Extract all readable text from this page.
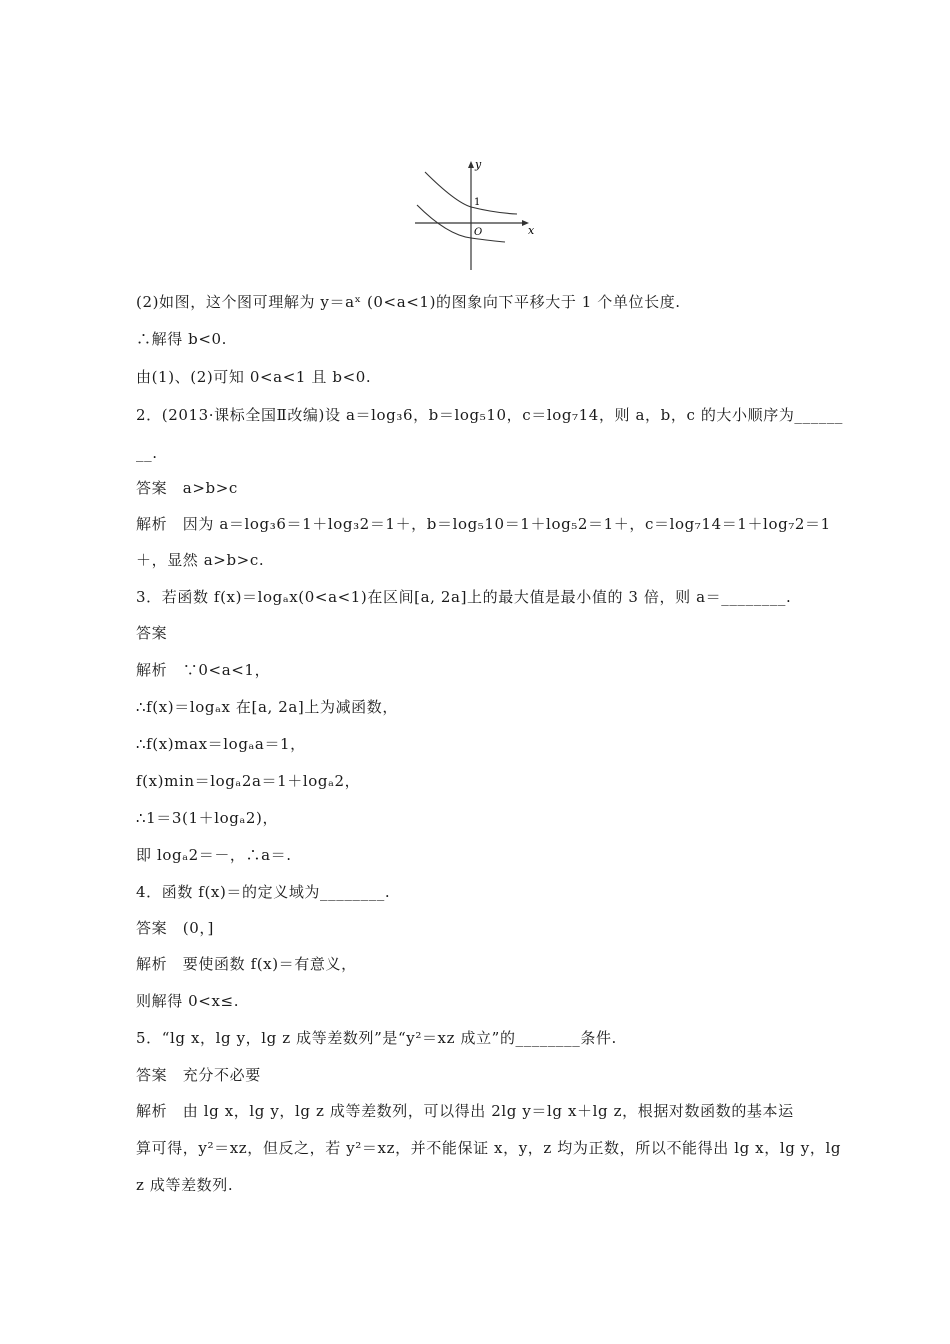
y
x
1
O
(2)如图，这个图可理解为 y＝aˣ (0<a<1)的图象向下平移大于 1 个单位长度.
∴解得 b<0.
由(1)、(2)可知 0<a<1 且 b<0.
2．(2013·课标全国Ⅱ改编)设 a＝log₃6，b＝log₅10，c＝log₇14，则 a，b，c 的大小顺序为______
__.
答案　a>b>c
解析　因为 a＝log₃6＝1＋log₃2＝1＋，b＝log₅10＝1＋log₅2＝1＋，c＝log₇14＝1＋log₇2＝1
＋，显然 a>b>c.
3．若函数 f(x)＝logₐx(0<a<1)在区间[a, 2a]上的最大值是最小值的 3 倍，则 a＝________.
答案
解析　∵0<a<1，
∴f(x)＝logₐx 在[a, 2a]上为减函数，
∴f(x)max＝logₐa＝1，
f(x)min＝logₐ2a＝1＋logₐ2，
∴1＝3(1＋logₐ2)，
即 logₐ2＝－，∴a＝.
4．函数 f(x)＝的定义域为________.
答案　(0，]
解析　要使函数 f(x)＝有意义，
则解得 0<x≤.
5．“lg x，lg y，lg z 成等差数列”是“y²＝xz 成立”的________条件.
答案　充分不必要
解析　由 lg x，lg y，lg z 成等差数列，可以得出 2lg y＝lg x＋lg z，根据对数函数的基本运
算可得，y²＝xz，但反之，若 y²＝xz，并不能保证 x，y，z 均为正数，所以不能得出 lg x，lg y，lg
z 成等差数列.
